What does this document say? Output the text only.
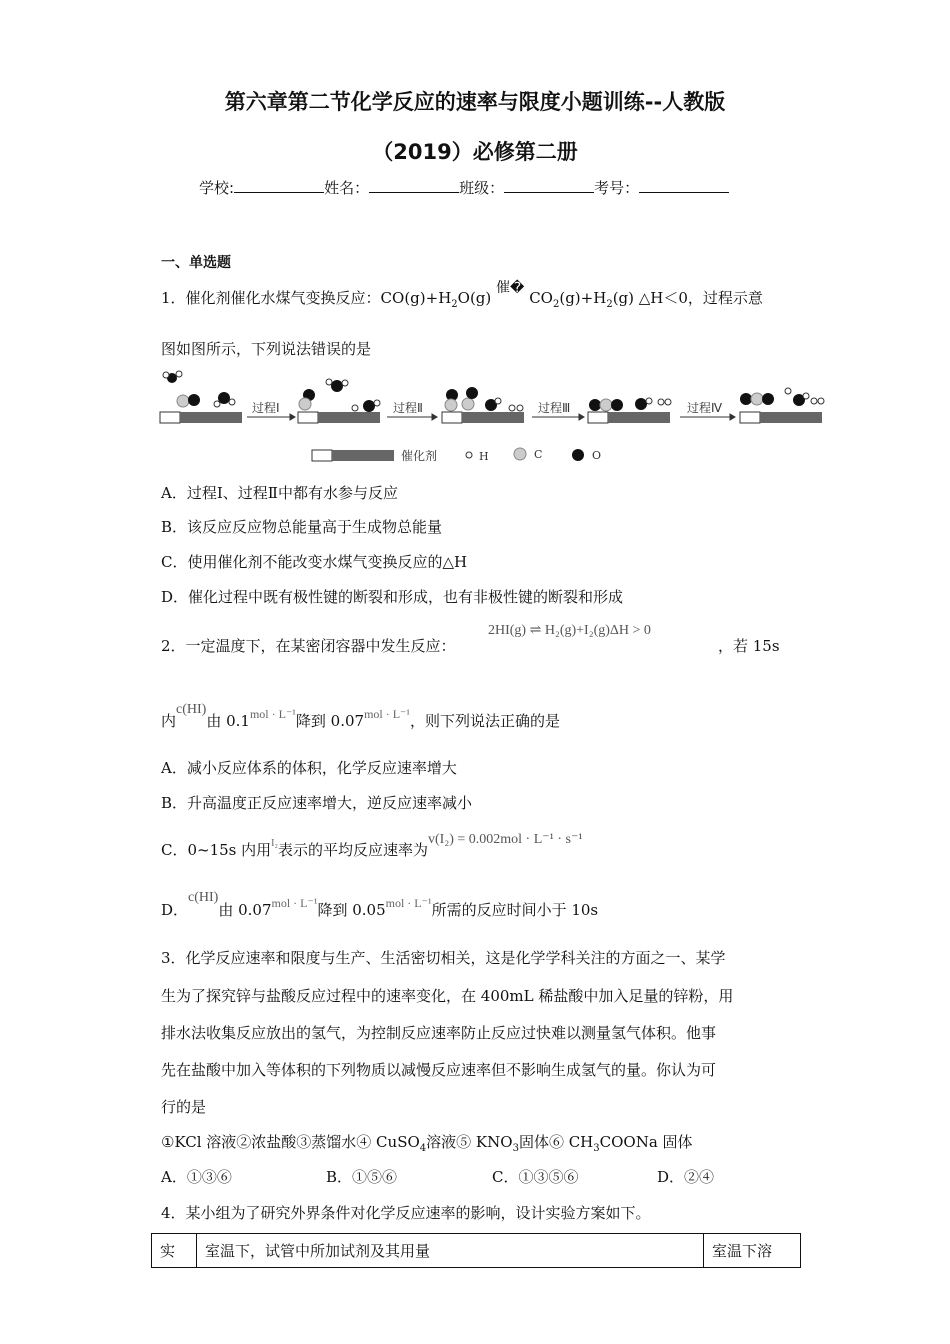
第六章第二节化学反应的速率与限度小题训练--人教版
（2019）必修第二册
学校:	姓名：	班级：	考号：
一、单选题
1．催化剂催化水煤气变换反应：$CO(g)+H_2O(g)$ 催� $CO_2(g)+H_2(g)$ △H＜0，过程示意
图如图所示，下列说法错误的是
过程Ⅰ	过程Ⅱ	过程Ⅲ	过程Ⅳ
催化剂	H	C	O
A．过程Ⅰ、过程Ⅱ中都有水参与反应
B．该反应反应物总能量高于生成物总能量
C．使用催化剂不能改变水煤气变换反应的△H
D．催化过程中既有极性键的断裂和形成，也有非极性键的断裂和形成
2．一定温度下，在某密闭容器中发生反应：
2HI(g) ⇌ H₂(g)+I₂(g)ΔH > 0
，若 15s
内c(HI)由 $0.1^{mol \cdot L^{-1}}$降到 $0.07^{mol \cdot L^{-1}}$，则下列说法正确的是
A．减小反应体系的体积，化学反应速率增大
B．升高温度正反应速率增大，逆反应速率减小
C．0~15s 内用$^{I_2}$表示的平均反应速率为v(I₂) = 0.002mol · L⁻¹ · s⁻¹
D．c(HI)由 $0.07^{mol \cdot L^{-1}}$降到 $0.05^{mol \cdot L^{-1}}$所需的反应时间小于 10s
3．化学反应速率和限度与生产、生活密切相关，这是化学学科关注的方面之一、某学
生为了探究锌与盐酸反应过程中的速率变化，在 400mL 稀盐酸中加入足量的锌粉，用
排水法收集反应放出的氢气，为控制反应速率防止反应过快难以测量氢气体积。他事
先在盐酸中加入等体积的下列物质以减慢反应速率但不影响生成氢气的量。你认为可
行的是
①KCl 溶液②浓盐酸③蒸馏水④ CuSO$_4$溶液⑤ $KNO_3$固体⑥ $CH_3COONa$ 固体
A．①③⑥	B．①⑤⑥	C．①③⑤⑥	D．②④
4．某小组为了研究外界条件对化学反应速率的影响，设计实验方案如下。
实	室温下，试管中所加试剂及其用量	室温下溶
